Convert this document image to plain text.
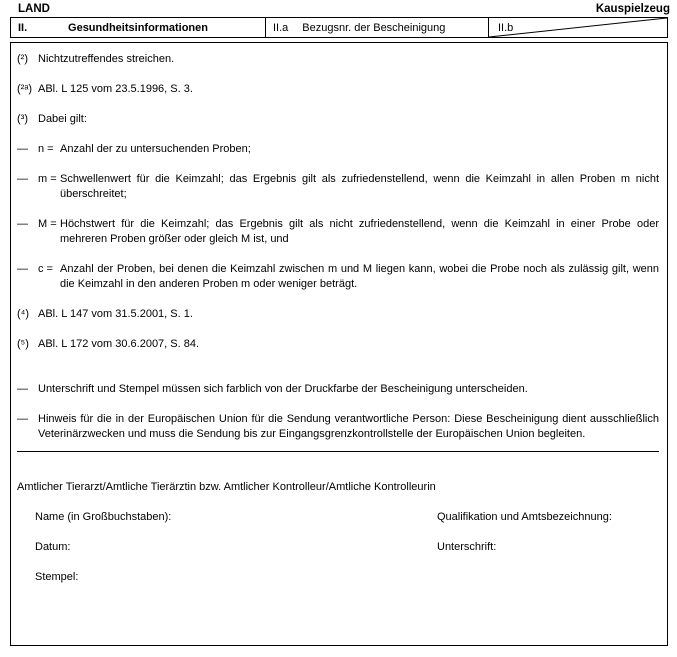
LAND	Kauspielzeug
II.	Gesundheitsinformationen	II.a Bezugsnr. der Bescheinigung	II.b
(²) Nichtzutreffendes streichen.
(²ᵃ) ABl. L 125 vom 23.5.1996, S. 3.
(³) Dabei gilt:
— n = Anzahl der zu untersuchenden Proben;
— m = Schwellenwert für die Keimzahl; das Ergebnis gilt als zufriedenstellend, wenn die Keimzahl in allen Proben m nicht überschreitet;
— M = Höchstwert für die Keimzahl; das Ergebnis gilt als nicht zufriedenstellend, wenn die Keimzahl in einer Probe oder mehreren Proben größer oder gleich M ist, und
— c = Anzahl der Proben, bei denen die Keimzahl zwischen m und M liegen kann, wobei die Probe noch als zulässig gilt, wenn die Keimzahl in den anderen Proben m oder weniger beträgt.
(⁴) ABl. L 147 vom 31.5.2001, S. 1.
(⁵) ABl. L 172 vom 30.6.2007, S. 84.
— Unterschrift und Stempel müssen sich farblich von der Druckfarbe der Bescheinigung unterscheiden.
— Hinweis für die in der Europäischen Union für die Sendung verantwortliche Person: Diese Bescheinigung dient ausschließlich Veterinärzwecken und muss die Sendung bis zur Eingangsgrenzkontrollstelle der Europäischen Union begleiten.
Amtlicher Tierarzt/Amtliche Tierärztin bzw. Amtlicher Kontrolleur/Amtliche Kontrolleurin
Name (in Großbuchstaben):	Qualifikation und Amtsbezeichnung:
Datum:	Unterschrift:
Stempel:
